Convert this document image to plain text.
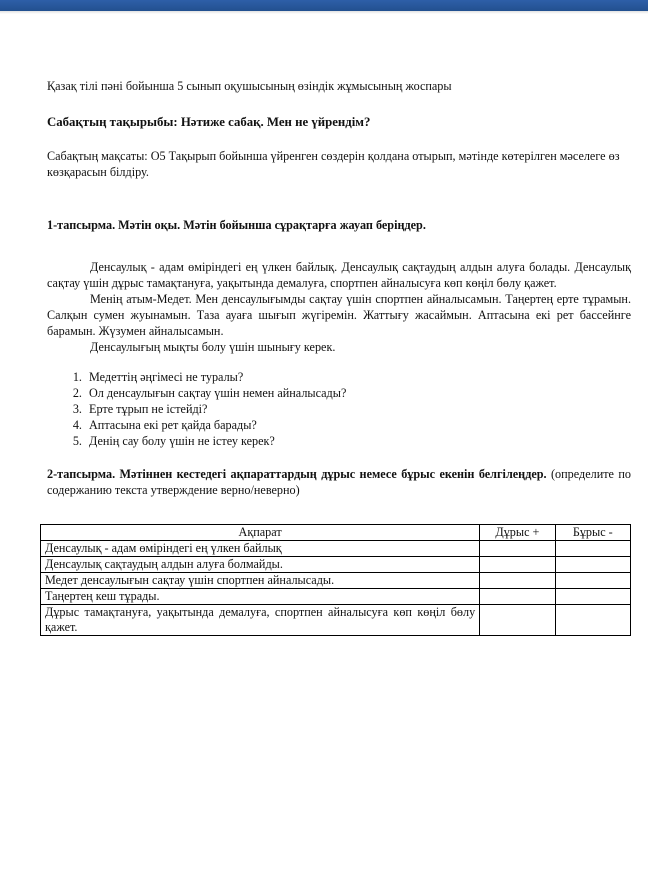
Қазақ тілі пәні бойынша 5 сынып оқушысының өзіндік жұмысының жоспары

Сабақтың тақырыбы: Нәтиже сабақ. Мен не үйрендім?

Сабақтың мақсаты: О5 Тақырып бойынша үйренген сөздерін қолдана отырып, мәтінде көтерілген мәселеге өз көзқарасын білдіру.

1-тапсырма. Мәтін оқы. Мәтін бойынша сұрақтарға жауап беріңдер.

Денсаулық - адам өміріндегі ең үлкен байлық. Денсаулық сақтаудың алдын алуға болады. Денсаулық сақтау үшін дұрыс тамақтануға, уақытында демалуға, спортпен айналысуға көп көңіл бөлу қажет.

Менің атым-Медет. Мен денсаулығымды сақтау үшін спортпен айналысамын. Таңертең ерте тұрамын. Салқын сумен жуынамын. Таза ауаға шығып жүгіремін. Жаттығу жасаймын. Аптасына екі рет бассейнге барамын. Жүзумен айналысамын.

Денсаулығың мықты болу үшін шынығу керек.

1. Медеттің әңгімесі не туралы?
2. Ол денсаулығын сақтау үшін немен айналысады?
3. Ерте тұрып не істейді?
4. Аптасына екі рет қайда барады?
5. Денің сау болу үшін не істеу керек?

2-тапсырма. Мәтіннен кестедегі ақпараттардың дұрыс немесе бұрыс екенін белгілеңдер. (определите по содержанию текста утверждение верно/неверно)

Ақпарат	Дұрыс +	Бұрыс -
Денсаулық - адам өміріндегі ең үлкен байлық		
Денсаулық сақтаудың алдын алуға болмайды.		
Медет денсаулығын сақтау үшін спортпен айналысады.		
Таңертең кеш тұрады.		
Дұрыс тамақтануға, уақытында демалуға, спортпен айналысуға көп көңіл бөлу қажет.		
